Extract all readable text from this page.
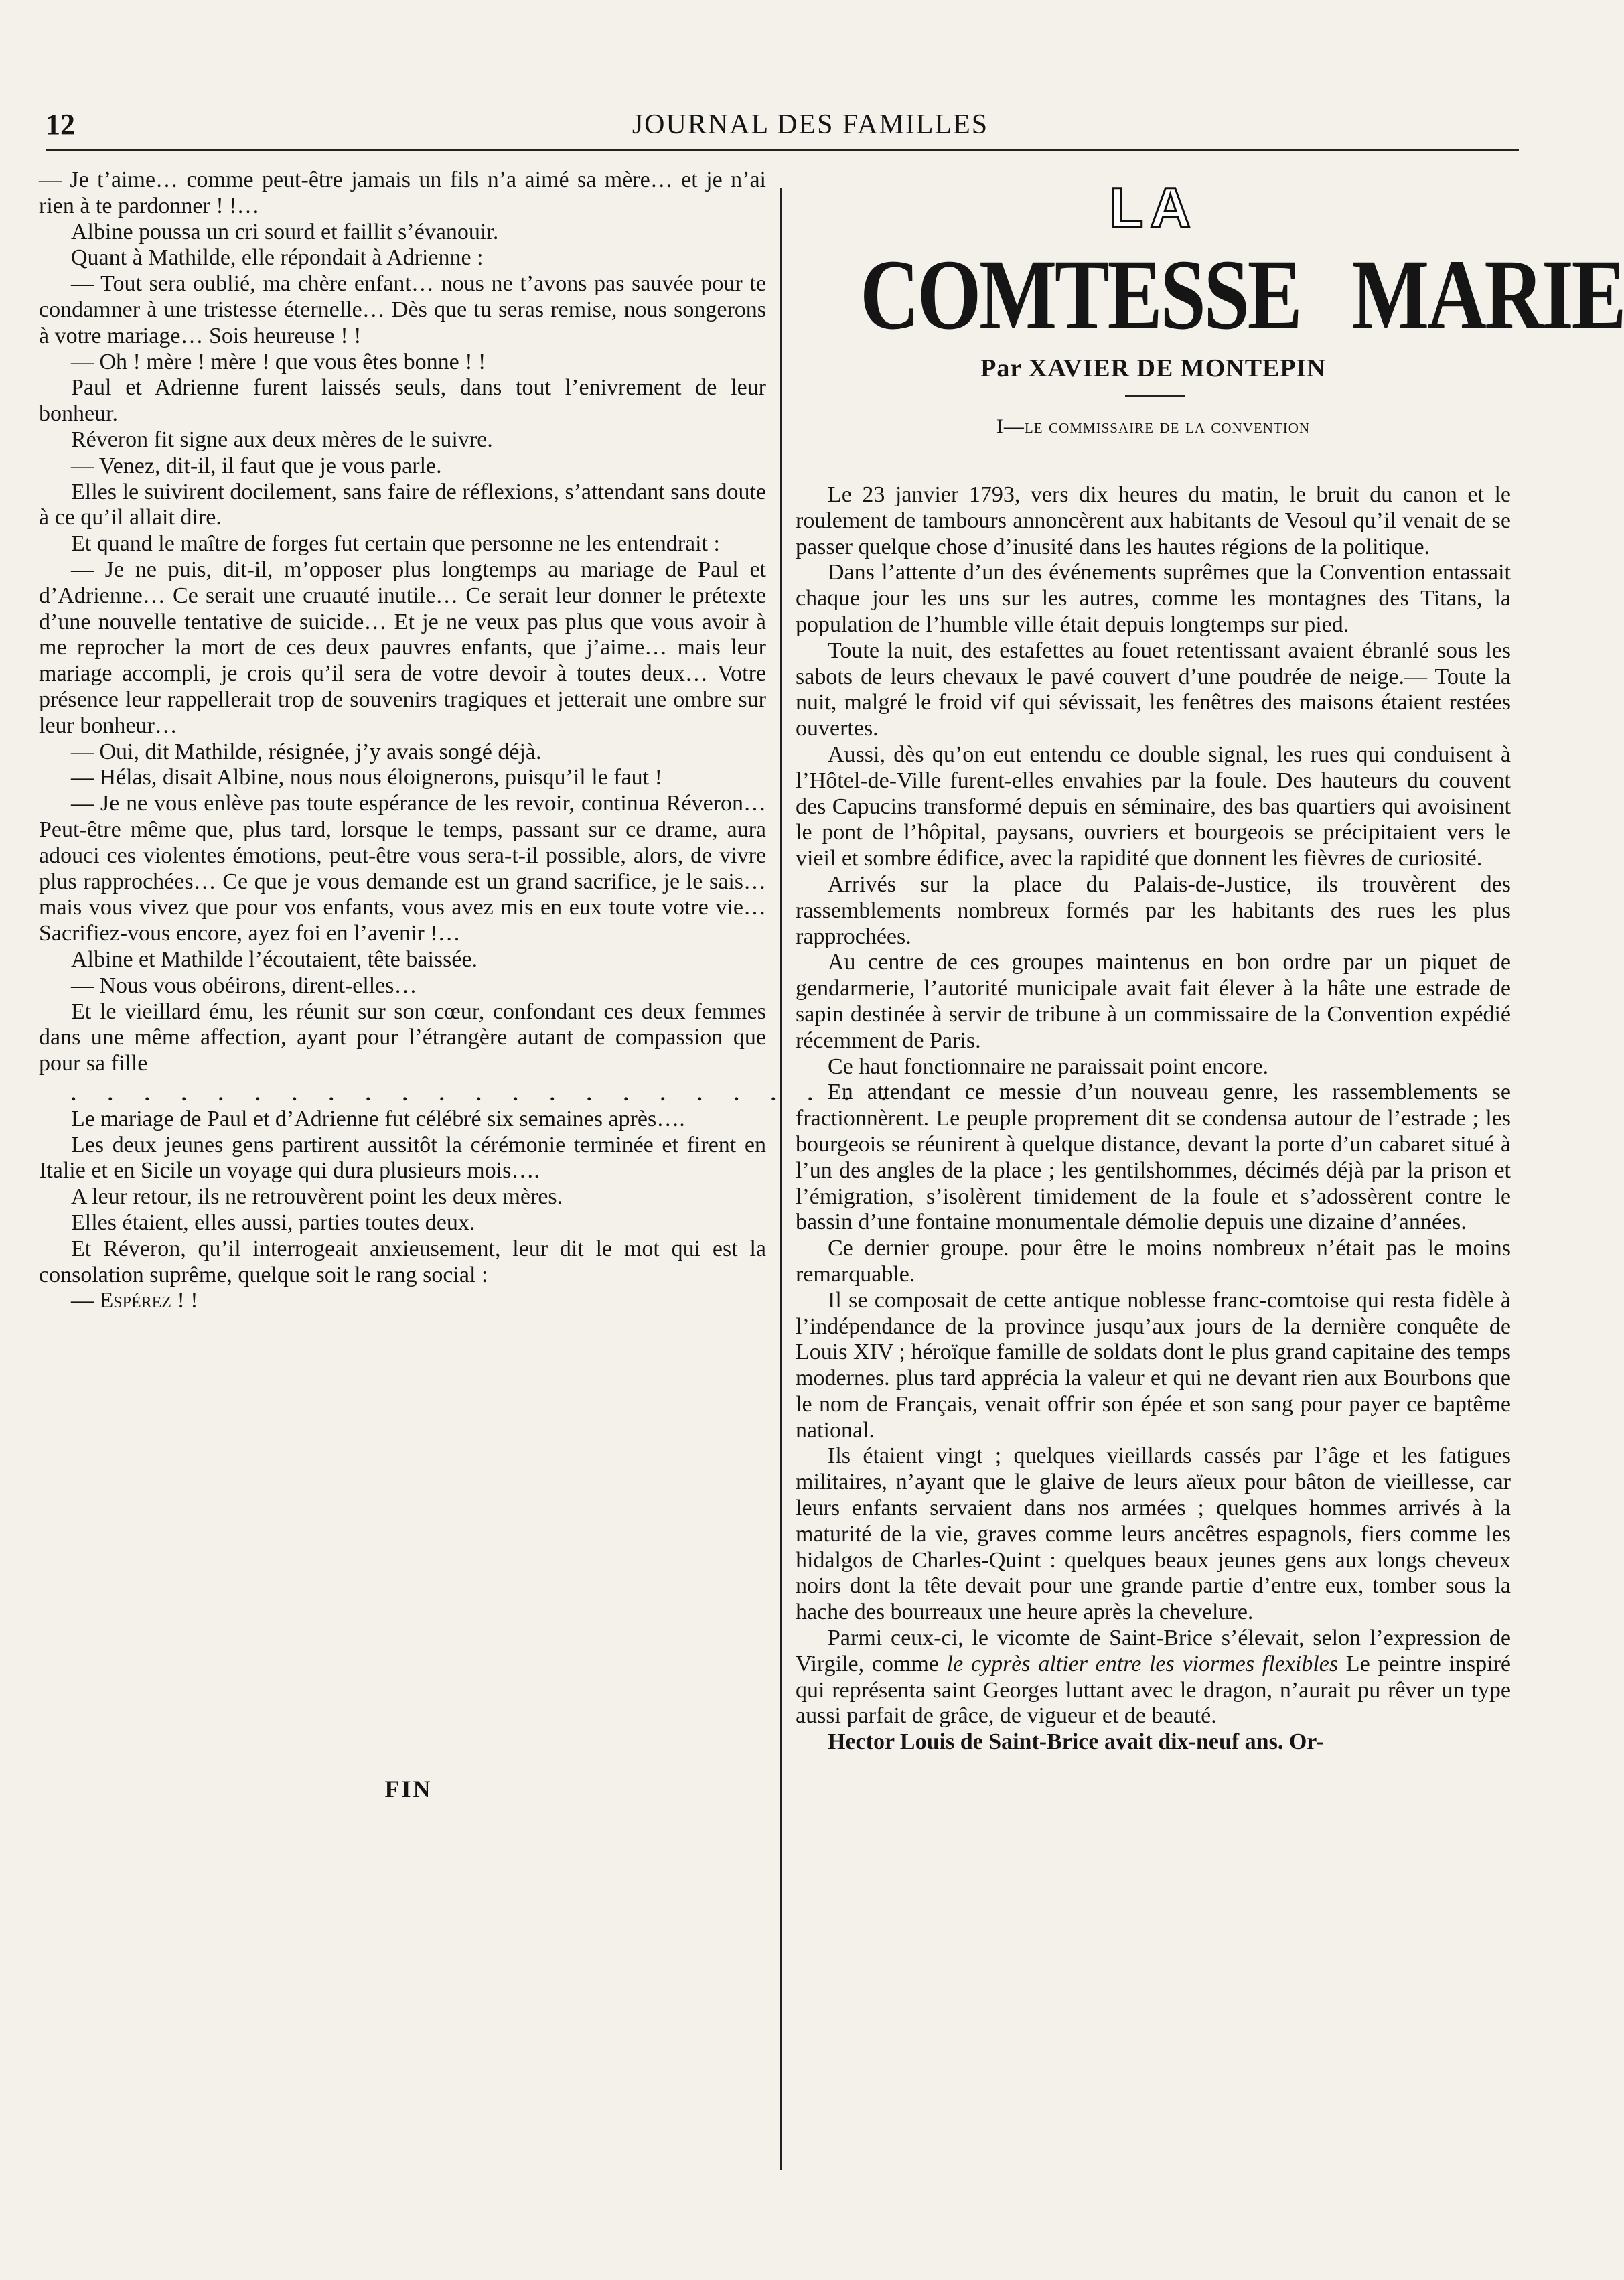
12	JOURNAL DES FAMILLES

— Je t’aime… comme peut-être jamais un fils n’a aimé sa mère… et je n’ai rien à te pardonner ! !…

Albine poussa un cri sourd et faillit s’évanouir.

Quant à Mathilde, elle répondait à Adrienne :

— Tout sera oublié, ma chère enfant… nous ne t’avons pas sauvée pour te condamner à une tristesse éternelle… Dès que tu seras remise, nous songerons à votre mariage… Sois heureuse ! !

— Oh ! mère ! mère ! que vous êtes bonne ! !

Paul et Adrienne furent laissés seuls, dans tout l’enivrement de leur bonheur.

Réveron fit signe aux deux mères de le suivre.

— Venez, dit-il, il faut que je vous parle.

Elles le suivirent docilement, sans faire de réflexions, s’attendant sans doute à ce qu’il allait dire.

Et quand le maître de forges fut certain que personne ne les entendrait :

— Je ne puis, dit-il, m’opposer plus longtemps au mariage de Paul et d’Adrienne… Ce serait une cruauté inutile… Ce serait leur donner le prétexte d’une nouvelle tentative de suicide… Et je ne veux pas plus que vous avoir à me reprocher la mort de ces deux pauvres enfants, que j’aime… mais leur mariage accompli, je crois qu’il sera de votre devoir à toutes deux… Votre présence leur rappellerait trop de souvenirs tragiques et jetterait une ombre sur leur bonheur…

— Oui, dit Mathilde, résignée, j’y avais songé déjà.

— Hélas, disait Albine, nous nous éloignerons, puisqu’il le faut !

— Je ne vous enlève pas toute espérance de les revoir, continua Réveron… Peut-être même que, plus tard, lorsque le temps, passant sur ce drame, aura adouci ces violentes émotions, peut-être vous sera-t-il possible, alors, de vivre plus rapprochées… Ce que je vous demande est un grand sacrifice, je le sais… mais vous vivez que pour vos enfants, vous avez mis en eux toute votre vie… Sacrifiez-vous encore, ayez foi en l’avenir !…

Albine et Mathilde l’écoutaient, tête baissée.

— Nous vous obéirons, dirent-elles…

Et le vieillard ému, les réunit sur son cœur, confondant ces deux femmes dans une même affection, ayant pour l’étrangère autant de compassion que pour sa fille

. . . . . . . . . . . . . . . . . . . . . . . .

Le mariage de Paul et d’Adrienne fut célébré six semaines après….

Les deux jeunes gens partirent aussitôt la cérémonie terminée et firent en Italie et en Sicile un voyage qui dura plusieurs mois….

A leur retour, ils ne retrouvèrent point les deux mères.

Elles étaient, elles aussi, parties toutes deux.

Et Réveron, qu’il interrogeait anxieusement, leur dit le mot qui est la consolation suprême, quelque soit le rang social :

— Espérez ! !

FIN
LA
COMTESSE MARIE
Par XAVIER DE MONTEPIN
I—le commissaire de la convention

Le 23 janvier 1793, vers dix heures du matin, le bruit du canon et le roulement de tambours annoncèrent aux habitants de Vesoul qu’il venait de se passer quelque chose d’inusité dans les hautes régions de la politique.

Dans l’attente d’un des événements suprêmes que la Convention entassait chaque jour les uns sur les autres, comme les montagnes des Titans, la population de l’humble ville était depuis longtemps sur pied.

Toute la nuit, des estafettes au fouet retentissant avaient ébranlé sous les sabots de leurs chevaux le pavé couvert d’une poudrée de neige.— Toute la nuit, malgré le froid vif qui sévissait, les fenêtres des maisons étaient restées ouvertes.

Aussi, dès qu’on eut entendu ce double signal, les rues qui conduisent à l’Hôtel-de-Ville furent-elles envahies par la foule. Des hauteurs du couvent des Capucins transformé depuis en séminaire, des bas quartiers qui avoisinent le pont de l’hôpital, paysans, ouvriers et bourgeois se précipitaient vers le vieil et sombre édifice, avec la rapidité que donnent les fièvres de curiosité.

Arrivés sur la place du Palais-de-Justice, ils trouvèrent des rassemblements nombreux formés par les habitants des rues les plus rapprochées.

Au centre de ces groupes maintenus en bon ordre par un piquet de gendarmerie, l’autorité municipale avait fait élever à la hâte une estrade de sapin destinée à servir de tribune à un commissaire de la Convention expédié récemment de Paris.

Ce haut fonctionnaire ne paraissait point encore.

En attendant ce messie d’un nouveau genre, les rassemblements se fractionnèrent. Le peuple proprement dit se condensa autour de l’estrade ; les bourgeois se réunirent à quelque distance, devant la porte d’un cabaret situé à l’un des angles de la place ; les gentilshommes, décimés déjà par la prison et l’émigration, s’isolèrent timidement de la foule et s’adossèrent contre le bassin d’une fontaine monumentale démolie depuis une dizaine d’années.

Ce dernier groupe. pour être le moins nombreux n’était pas le moins remarquable.

Il se composait de cette antique noblesse franc-comtoise qui resta fidèle à l’indépendance de la province jusqu’aux jours de la dernière conquête de Louis XIV ; héroïque famille de soldats dont le plus grand capitaine des temps modernes. plus tard apprécia la valeur et qui ne devant rien aux Bourbons que le nom de Français, venait offrir son épée et son sang pour payer ce baptême national.

Ils étaient vingt ; quelques vieillards cassés par l’âge et les fatigues militaires, n’ayant que le glaive de leurs aïeux pour bâton de vieillesse, car leurs enfants servaient dans nos armées ; quelques hommes arrivés à la maturité de la vie, graves comme leurs ancêtres espagnols, fiers comme les hidalgos de Charles-Quint : quelques beaux jeunes gens aux longs cheveux noirs dont la tête devait pour une grande partie d’entre eux, tomber sous la hache des bourreaux une heure après la chevelure.

Parmi ceux-ci, le vicomte de Saint-Brice s’élevait, selon l’expression de Virgile, comme le cyprès altier entre les viormes flexibles Le peintre inspiré qui représenta saint Georges luttant avec le dragon, n’aurait pu rêver un type aussi parfait de grâce, de vigueur et de beauté.

Hector Louis de Saint-Brice avait dix-neuf ans. Or-
